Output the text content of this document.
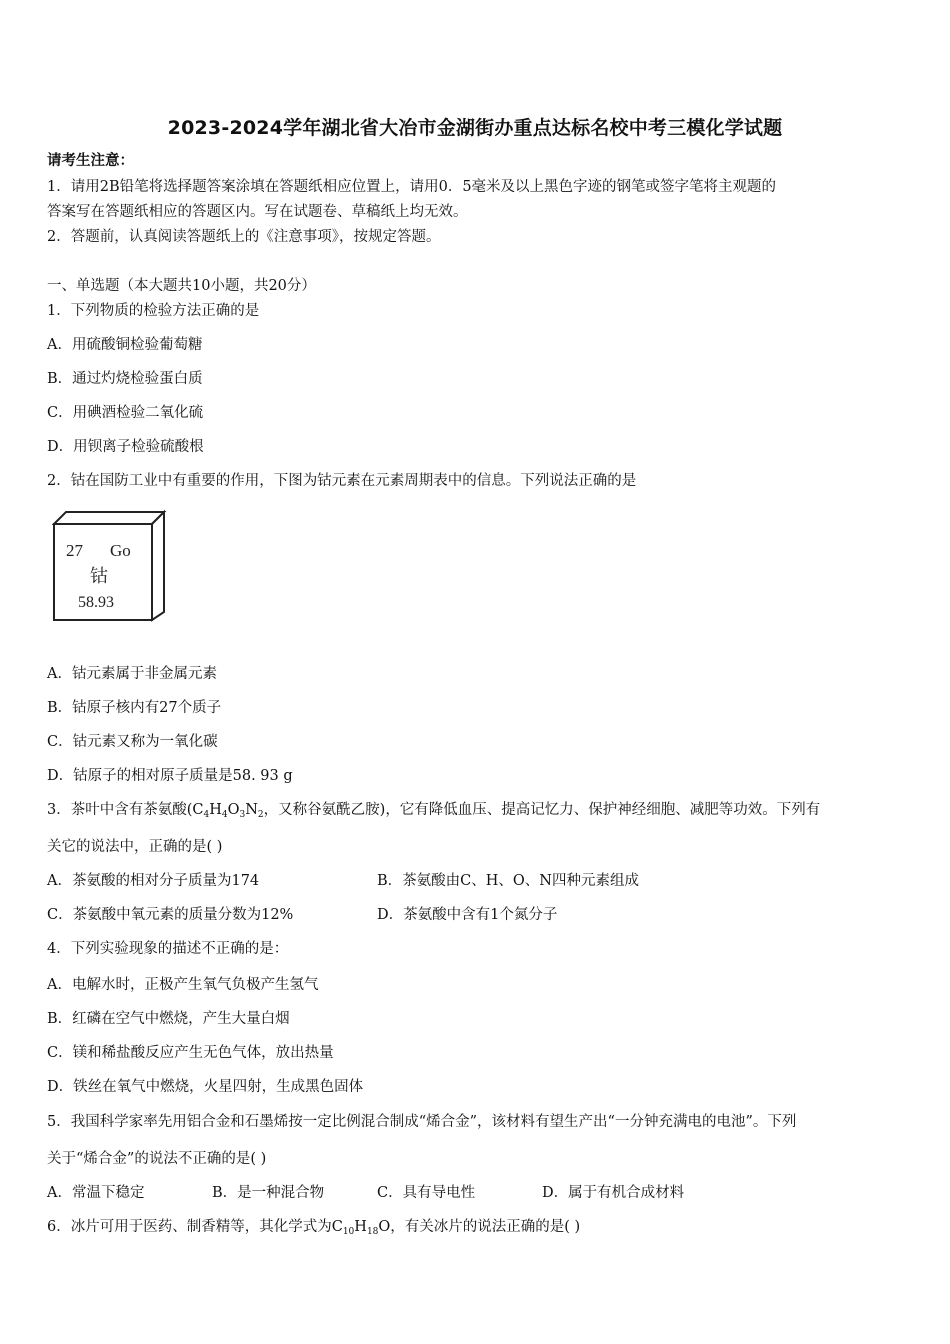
2023-2024学年湖北省大冶市金湖街办重点达标名校中考三模化学试题
请考生注意：
1．请用2B铅笔将选择题答案涂填在答题纸相应位置上，请用0．5毫米及以上黑色字迹的钢笔或签字笔将主观题的
答案写在答题纸相应的答题区内。写在试题卷、草稿纸上均无效。
2．答题前，认真阅读答题纸上的《注意事项》，按规定答题。
一、单选题（本大题共10小题，共20分）
1．下列物质的检验方法正确的是
A．用硫酸铜检验葡萄糖
B．通过灼烧检验蛋白质
C．用碘酒检验二氧化硫
D．用钡离子检验硫酸根
2．钴在国防工业中有重要的作用，下图为钴元素在元素周期表中的信息。下列说法正确的是
27 Go
钴
58.93
A．钴元素属于非金属元素
B．钴原子核内有27个质子
C．钴元素又称为一氧化碳
D．钴原子的相对原子质量是58. 93 g
3．茶叶中含有茶氨酸($C_4H_4O_3N_2$，又称谷氨酰乙胺)，它有降低血压、提高记忆力、保护神经细胞、减肥等功效。下列有
关它的说法中，正确的是( )
A．茶氨酸的相对分子质量为174	B．茶氨酸由C、H、O、N四种元素组成
C．茶氨酸中氧元素的质量分数为12%	D．茶氨酸中含有1个氮分子
4．下列实验现象的描述不正确的是：
A．电解水时，正极产生氧气负极产生氢气
B．红磷在空气中燃烧，产生大量白烟
C．镁和稀盐酸反应产生无色气体，放出热量
D．铁丝在氧气中燃烧，火星四射，生成黑色固体
5．我国科学家率先用铝合金和石墨烯按一定比例混合制成“烯合金”，该材料有望生产出“一分钟充满电的电池”。下列
关于“烯合金”的说法不正确的是( )
A．常温下稳定	B．是一种混合物	C．具有导电性	D．属于有机合成材料
6．冰片可用于医药、制香精等，其化学式为$C_{10}H_{18}O$，有关冰片的说法正确的是( )
